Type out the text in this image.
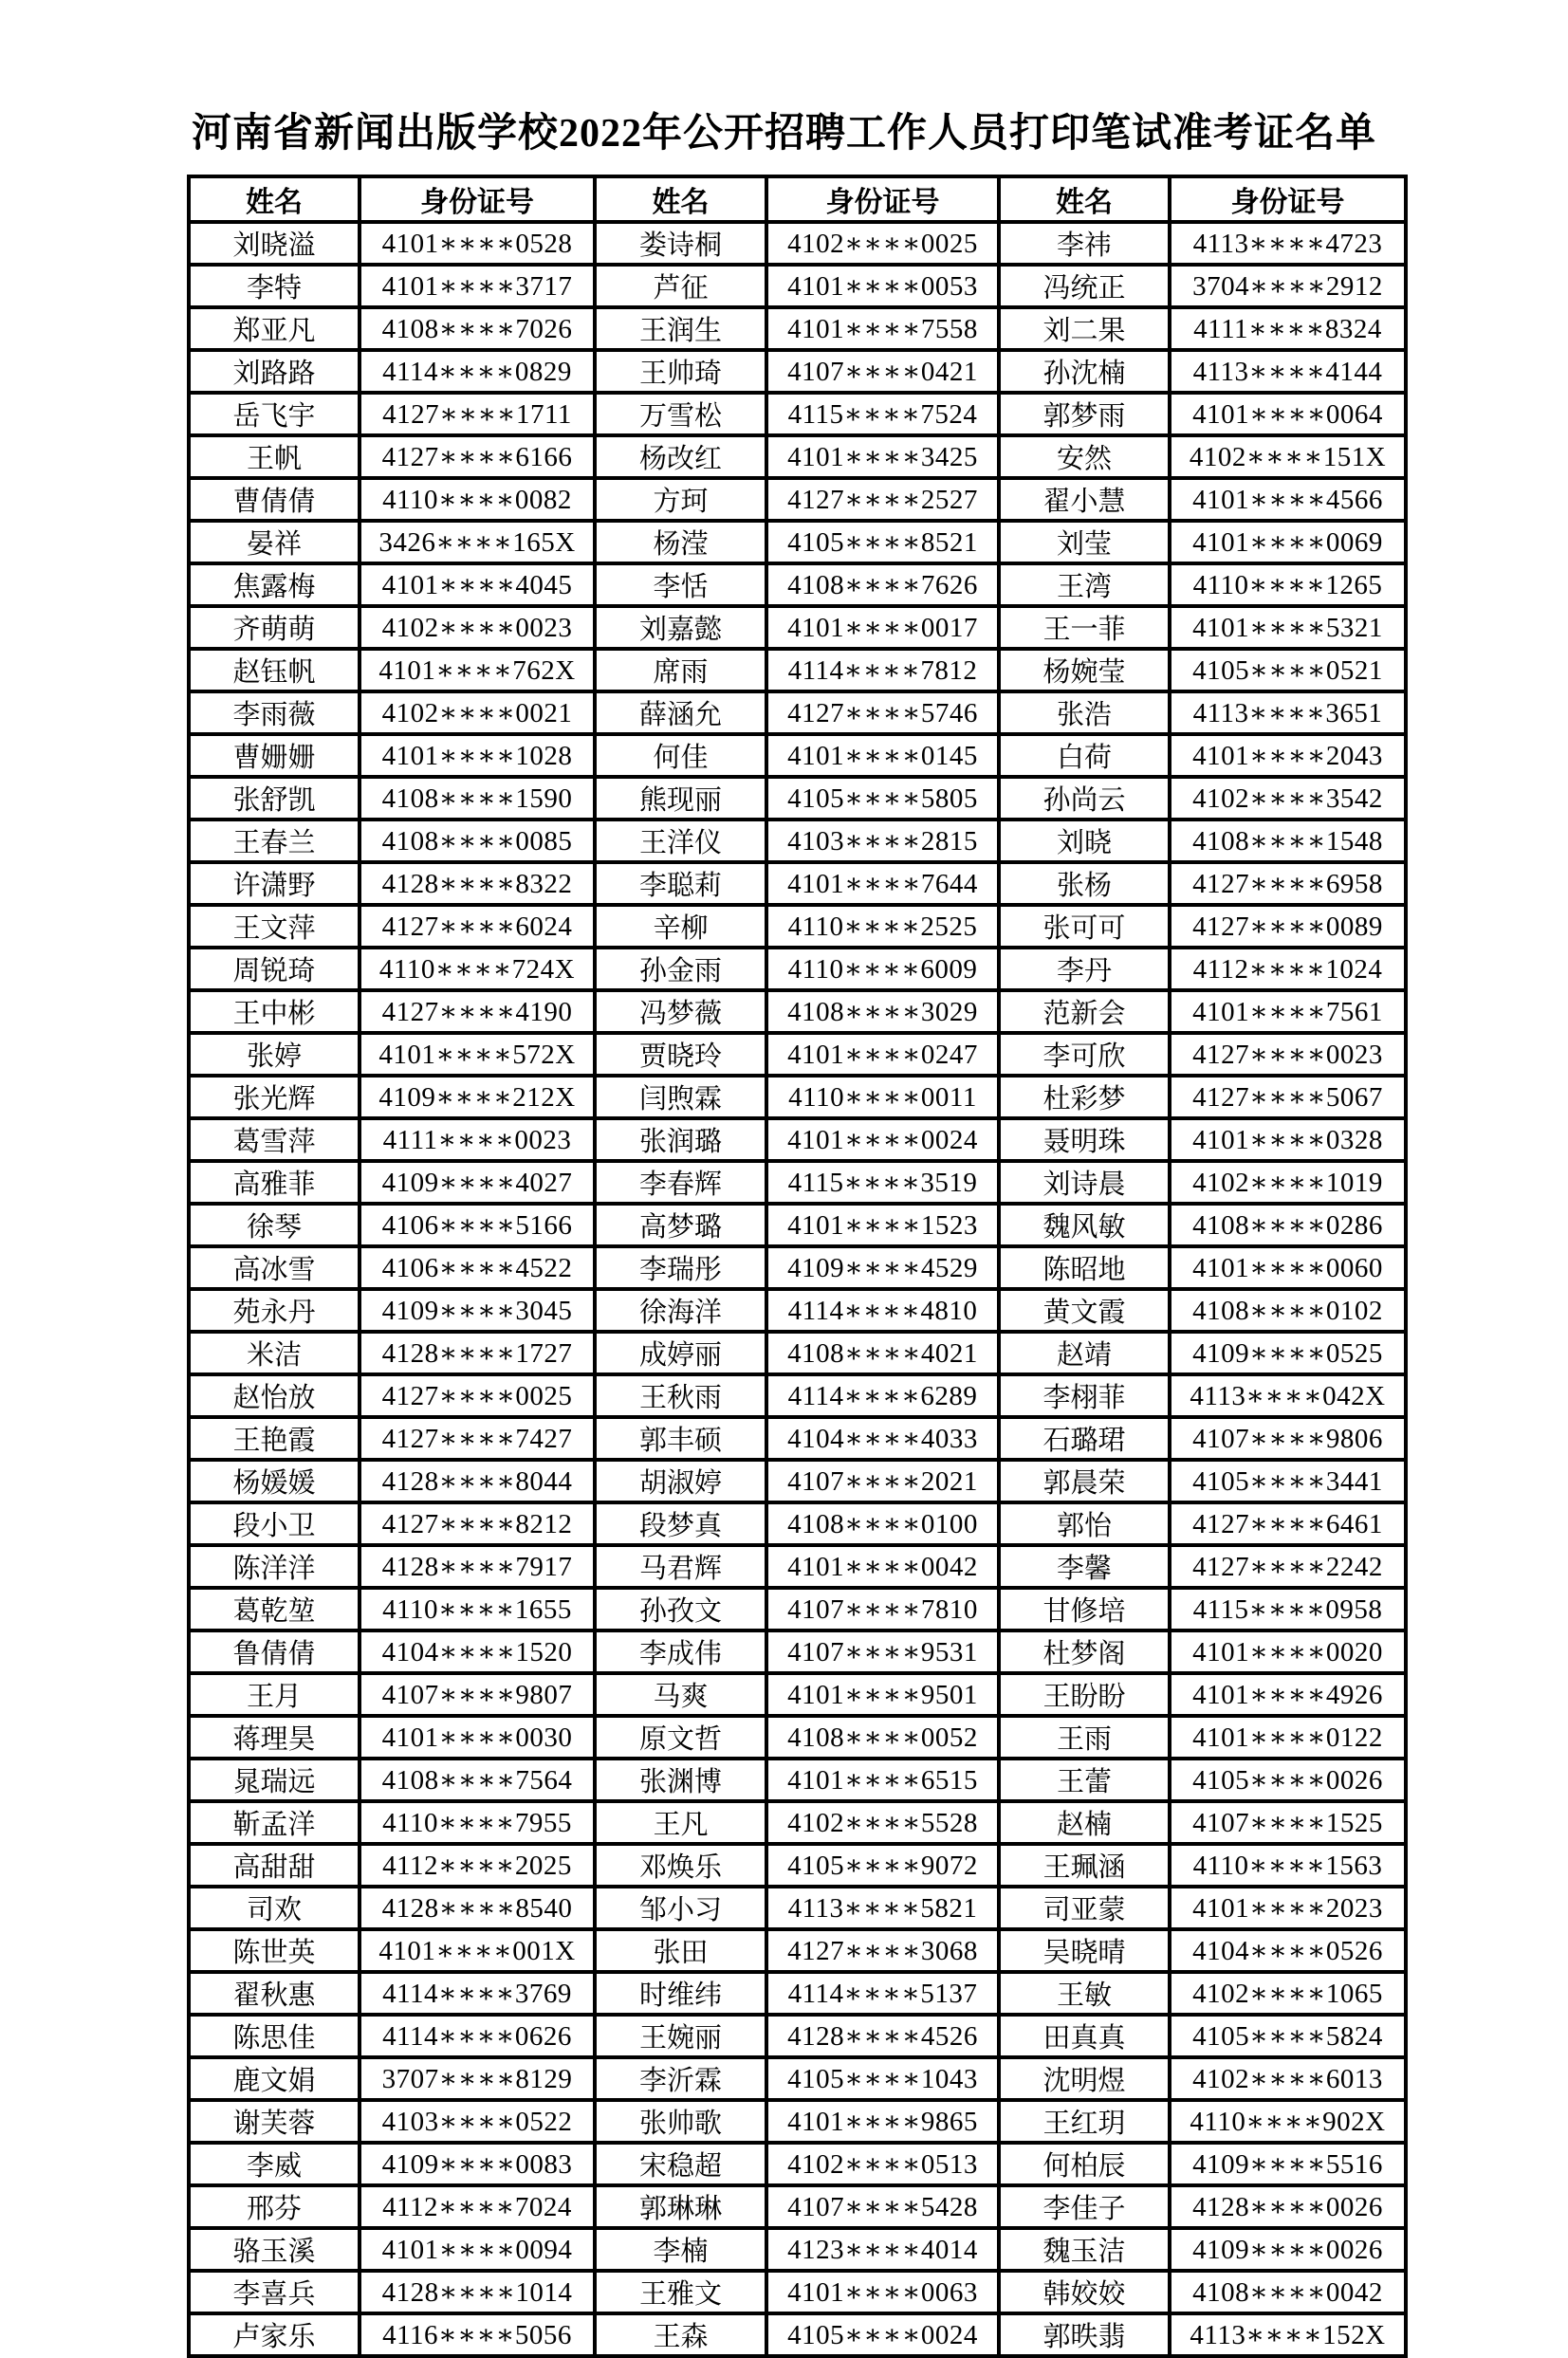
河南省新闻出版学校2022年公开招聘工作人员打印笔试准考证名单
姓名	身份证号	姓名	身份证号	姓名	身份证号
刘晓溢	4101∗∗∗∗0528	娄诗桐	4102∗∗∗∗0025	李祎	4113∗∗∗∗4723
李特	4101∗∗∗∗3717	芦征	4101∗∗∗∗0053	冯统正	3704∗∗∗∗2912
郑亚凡	4108∗∗∗∗7026	王润生	4101∗∗∗∗7558	刘二果	4111∗∗∗∗8324
刘路路	4114∗∗∗∗0829	王帅琦	4107∗∗∗∗0421	孙沈楠	4113∗∗∗∗4144
岳飞宇	4127∗∗∗∗1711	万雪松	4115∗∗∗∗7524	郭梦雨	4101∗∗∗∗0064
王帆	4127∗∗∗∗6166	杨改红	4101∗∗∗∗3425	安然	4102∗∗∗∗151X
曹倩倩	4110∗∗∗∗0082	方珂	4127∗∗∗∗2527	翟小慧	4101∗∗∗∗4566
晏祥	3426∗∗∗∗165X	杨滢	4105∗∗∗∗8521	刘莹	4101∗∗∗∗0069
焦露梅	4101∗∗∗∗4045	李恬	4108∗∗∗∗7626	王湾	4110∗∗∗∗1265
齐萌萌	4102∗∗∗∗0023	刘嘉懿	4101∗∗∗∗0017	王一菲	4101∗∗∗∗5321
赵钰帆	4101∗∗∗∗762X	席雨	4114∗∗∗∗7812	杨婉莹	4105∗∗∗∗0521
李雨薇	4102∗∗∗∗0021	薛涵允	4127∗∗∗∗5746	张浩	4113∗∗∗∗3651
曹姗姗	4101∗∗∗∗1028	何佳	4101∗∗∗∗0145	白荷	4101∗∗∗∗2043
张舒凯	4108∗∗∗∗1590	熊现丽	4105∗∗∗∗5805	孙尚云	4102∗∗∗∗3542
王春兰	4108∗∗∗∗0085	王洋仪	4103∗∗∗∗2815	刘晓	4108∗∗∗∗1548
许潇野	4128∗∗∗∗8322	李聪莉	4101∗∗∗∗7644	张杨	4127∗∗∗∗6958
王文萍	4127∗∗∗∗6024	辛柳	4110∗∗∗∗2525	张可可	4127∗∗∗∗0089
周锐琦	4110∗∗∗∗724X	孙金雨	4110∗∗∗∗6009	李丹	4112∗∗∗∗1024
王中彬	4127∗∗∗∗4190	冯梦薇	4108∗∗∗∗3029	范新会	4101∗∗∗∗7561
张婷	4101∗∗∗∗572X	贾晓玲	4101∗∗∗∗0247	李可欣	4127∗∗∗∗0023
张光辉	4109∗∗∗∗212X	闫煦霖	4110∗∗∗∗0011	杜彩梦	4127∗∗∗∗5067
葛雪萍	4111∗∗∗∗0023	张润璐	4101∗∗∗∗0024	聂明珠	4101∗∗∗∗0328
高雅菲	4109∗∗∗∗4027	李春辉	4115∗∗∗∗3519	刘诗晨	4102∗∗∗∗1019
徐琴	4106∗∗∗∗5166	高梦璐	4101∗∗∗∗1523	魏风敏	4108∗∗∗∗0286
高冰雪	4106∗∗∗∗4522	李瑞彤	4109∗∗∗∗4529	陈昭地	4101∗∗∗∗0060
苑永丹	4109∗∗∗∗3045	徐海洋	4114∗∗∗∗4810	黄文霞	4108∗∗∗∗0102
米洁	4128∗∗∗∗1727	成婷丽	4108∗∗∗∗4021	赵靖	4109∗∗∗∗0525
赵怡放	4127∗∗∗∗0025	王秋雨	4114∗∗∗∗6289	李栩菲	4113∗∗∗∗042X
王艳霞	4127∗∗∗∗7427	郭丰硕	4104∗∗∗∗4033	石璐珺	4107∗∗∗∗9806
杨媛媛	4128∗∗∗∗8044	胡淑婷	4107∗∗∗∗2021	郭晨荣	4105∗∗∗∗3441
段小卫	4127∗∗∗∗8212	段梦真	4108∗∗∗∗0100	郭怡	4127∗∗∗∗6461
陈洋洋	4128∗∗∗∗7917	马君辉	4101∗∗∗∗0042	李馨	4127∗∗∗∗2242
葛乾堃	4110∗∗∗∗1655	孙孜文	4107∗∗∗∗7810	甘修培	4115∗∗∗∗0958
鲁倩倩	4104∗∗∗∗1520	李成伟	4107∗∗∗∗9531	杜梦阁	4101∗∗∗∗0020
王月	4107∗∗∗∗9807	马爽	4101∗∗∗∗9501	王盼盼	4101∗∗∗∗4926
蒋理昊	4101∗∗∗∗0030	原文哲	4108∗∗∗∗0052	王雨	4101∗∗∗∗0122
晁瑞远	4108∗∗∗∗7564	张渊博	4101∗∗∗∗6515	王蕾	4105∗∗∗∗0026
靳孟洋	4110∗∗∗∗7955	王凡	4102∗∗∗∗5528	赵楠	4107∗∗∗∗1525
高甜甜	4112∗∗∗∗2025	邓焕乐	4105∗∗∗∗9072	王珮涵	4110∗∗∗∗1563
司欢	4128∗∗∗∗8540	邹小习	4113∗∗∗∗5821	司亚蒙	4101∗∗∗∗2023
陈世英	4101∗∗∗∗001X	张田	4127∗∗∗∗3068	吴晓晴	4104∗∗∗∗0526
翟秋惠	4114∗∗∗∗3769	时维纬	4114∗∗∗∗5137	王敏	4102∗∗∗∗1065
陈思佳	4114∗∗∗∗0626	王婉丽	4128∗∗∗∗4526	田真真	4105∗∗∗∗5824
鹿文娟	3707∗∗∗∗8129	李沂霖	4105∗∗∗∗1043	沈明煜	4102∗∗∗∗6013
谢芙蓉	4103∗∗∗∗0522	张帅歌	4101∗∗∗∗9865	王红玥	4110∗∗∗∗902X
李威	4109∗∗∗∗0083	宋稳超	4102∗∗∗∗0513	何柏辰	4109∗∗∗∗5516
邢芬	4112∗∗∗∗7024	郭琳琳	4107∗∗∗∗5428	李佳子	4128∗∗∗∗0026
骆玉溪	4101∗∗∗∗0094	李楠	4123∗∗∗∗4014	魏玉洁	4109∗∗∗∗0026
李喜兵	4128∗∗∗∗1014	王雅文	4101∗∗∗∗0063	韩姣姣	4108∗∗∗∗0042
卢家乐	4116∗∗∗∗5056	王森	4105∗∗∗∗0024	郭昳翡	4113∗∗∗∗152X
